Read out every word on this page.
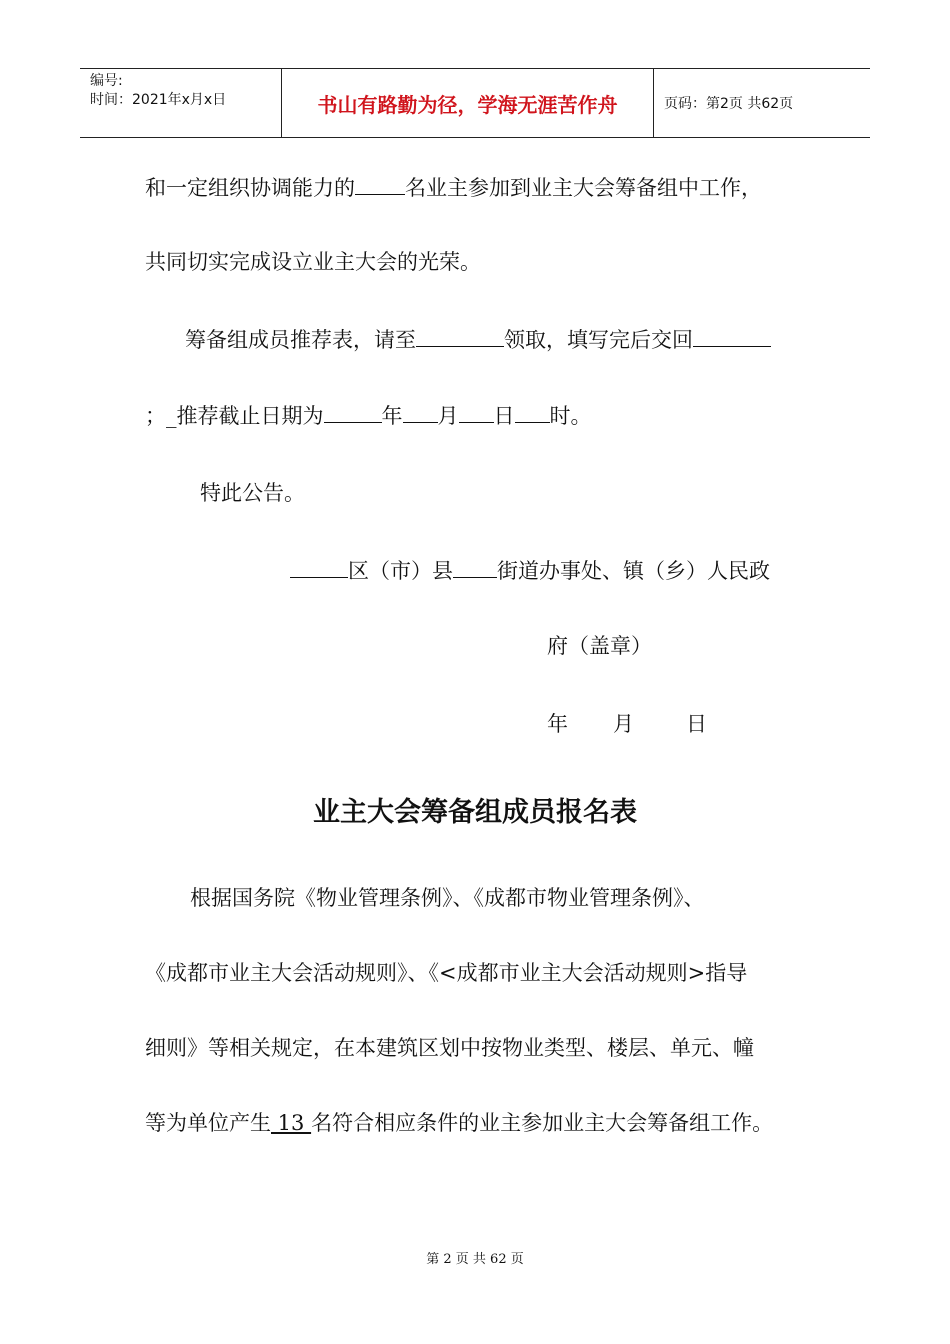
编号:
时间：2021年x月x日	书山有路勤为径，学海无涯苦作舟	页码：第2页 共62页
和一定组织协调能力的 名业主参加到业主大会筹备组中工作，
共同切实完成设立业主大会的光荣。
筹备组成员推荐表，请至	领取，填写完后交回
；_推荐截止日期为	年 月 日 时。
特此公告。
区（市）县 街道办事处、镇（乡）人民政
府（盖章）
年 月 日
业主大会筹备组成员报名表
根据国务院《物业管理条例》、《成都市物业管理条例》、
《成都市业主大会活动规则》、《<成都市业主大会活动规则>指导
细则》等相关规定，在本建筑区划中按物业类型、楼层、单元、幢
等为单位产生 13 名符合相应条件的业主参加业主大会筹备组工作。
第 2 页 共 62 页
